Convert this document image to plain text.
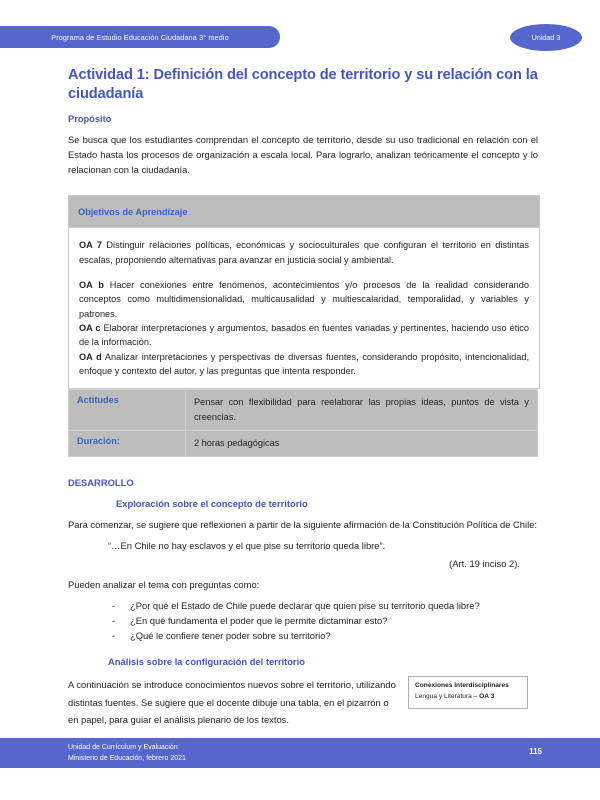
Programa de Estudio Educación Ciudadana 3° medio	Unidad 3
Actividad 1: Definición del concepto de territorio y su relación con la ciudadanía
Propósito

Se busca que los estudiantes comprendan el concepto de territorio, desde su uso tradicional en relación con el Estado hasta los procesos de organización a escala local. Para lograrlo, analizan teóricamente el concepto y lo relacionan con la ciudadanía.

Objetivos de Aprendizaje

OA 7 Distinguir relaciones políticas, económicas y socioculturales que configuran el territorio en distintas escalas, proponiendo alternativas para avanzar en justicia social y ambiental.

OA b Hacer conexiones entre fenómenos, acontecimientos y/o procesos de la realidad considerando conceptos como multidimensionalidad, multicausalidad y multiescalaridad, temporalidad, y variables y patrones.

OA c Elaborar interpretaciones y argumentos, basados en fuentes variadas y pertinentes, haciendo uso ético de la información.

OA d Analizar interpretaciones y perspectivas de diversas fuentes, considerando propósito, intencionalidad, enfoque y contexto del autor, y las preguntas que intenta responder.

Actitudes	Pensar con flexibilidad para reelaborar las propias ideas, puntos de vista y creencias.
Duración:	2 horas pedagógicas
DESARROLLO
Exploración sobre el concepto de territorio

Para comenzar, se sugiere que reflexionen a partir de la siguiente afirmación de la Constitución Política de Chile:

“…En Chile no hay esclavos y el que pise su territorio queda libre”.
(Art. 19 inciso 2).

Pueden analizar el tema con preguntas como:

- ¿Por qué el Estado de Chile puede declarar que quien pise su territorio queda libre?
- ¿En qué fundamenta el poder que le permite dictaminar esto?
- ¿Qué le confiere tener poder sobre su territorio?
Análisis sobre la configuración del territorio
A continuación se introduce conocimientos nuevos sobre el territorio, utilizando distintas fuentes. Se sugiere que el docente dibuje una tabla, en el pizarrón o en papel, para guiar el análisis plenario de los textos.
Conexiones Interdisciplinares
Lengua y Literatura – OA 3
Unidad de Currículum y Evaluación
Ministerio de Educación, febrero 2021
115
